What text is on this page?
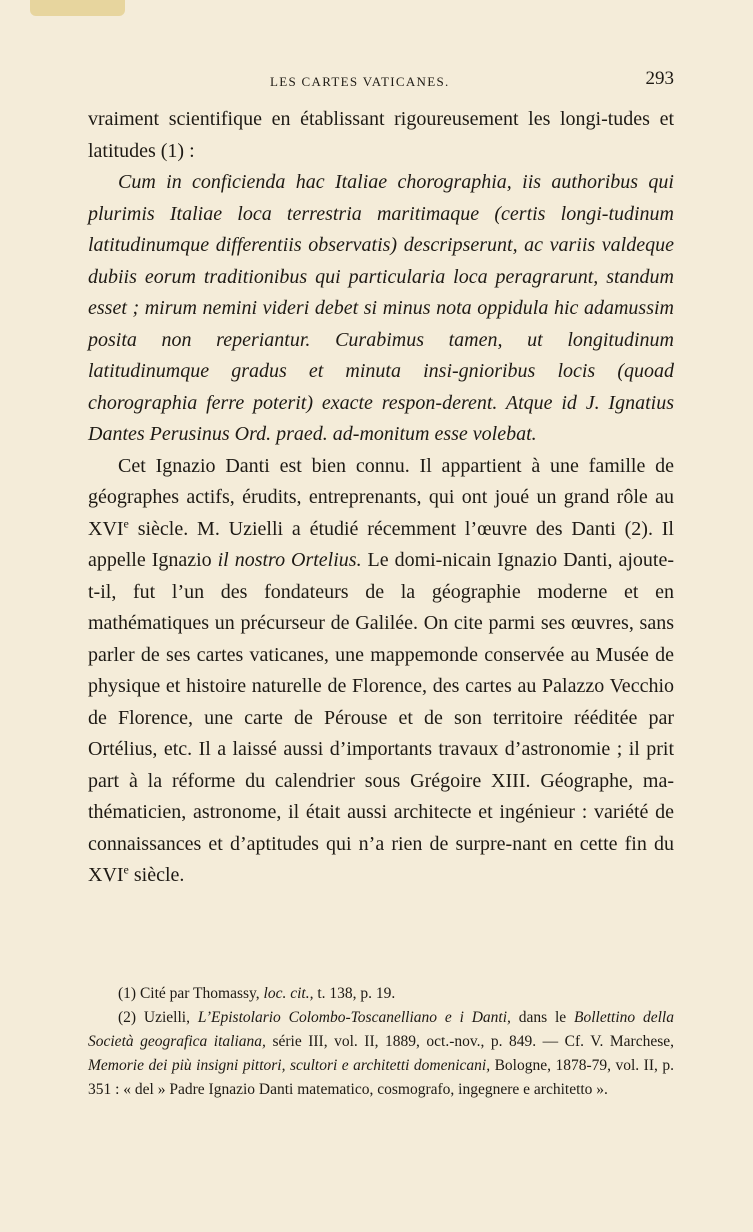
LES CARTES VATICANES.	293

vraiment scientifique en établissant rigoureusement les longi-tudes et latitudes (1) :

Cum in conficienda hac Italiae chorographia, iis authoribus qui plurimis Italiae loca terrestria maritimaque (certis longi-tudinum latitudinumque differentiis observatis) descripserunt, ac variis valdeque dubiis eorum traditionibus qui particularia loca peragrarunt, standum esset ; mirum nemini videri debet si minus nota oppidula hic adamussim posita non reperiantur. Curabimus tamen, ut longitudinum latitudinumque gradus et minuta insi-gnioribus locis (quoad chorographia ferre poterit) exacte respon-derent. Atque id J. Ignatius Dantes Perusinus Ord. praed. ad-monitum esse volebat.

Cet Ignazio Danti est bien connu. Il appartient à une famille de géographes actifs, érudits, entreprenants, qui ont joué un grand rôle au XVIe siècle. M. Uzielli a étudié récemment l’œuvre des Danti (2). Il appelle Ignazio il nostro Ortelius. Le domi-nicain Ignazio Danti, ajoute-t-il, fut l’un des fondateurs de la géographie moderne et en mathématiques un précurseur de Galilée. On cite parmi ses œuvres, sans parler de ses cartes vaticanes, une mappemonde conservée au Musée de physique et histoire naturelle de Florence, des cartes au Palazzo Vecchio de Florence, une carte de Pérouse et de son territoire rééditée par Ortélius, etc. Il a laissé aussi d’importants travaux d’astronomie ; il prit part à la réforme du calendrier sous Grégoire XIII. Géographe, ma-thématicien, astronome, il était aussi architecte et ingénieur : variété de connaissances et d’aptitudes qui n’a rien de surpre-nant en cette fin du XVIe siècle.

(1) Cité par Thomassy, loc. cit., t. 138, p. 19.

(2) Uzielli, L’Epistolario Colombo-Toscanelliano e i Danti, dans le Bollettino della Società geografica italiana, série III, vol. II, 1889, oct.-nov., p. 849. — Cf. V. Marchese, Memorie dei più insigni pittori, scultori e architetti domenicani, Bologne, 1878-79, vol. II, p. 351 : « del » Padre Ignazio Danti matematico, cosmografo, ingegnere e architetto ».
